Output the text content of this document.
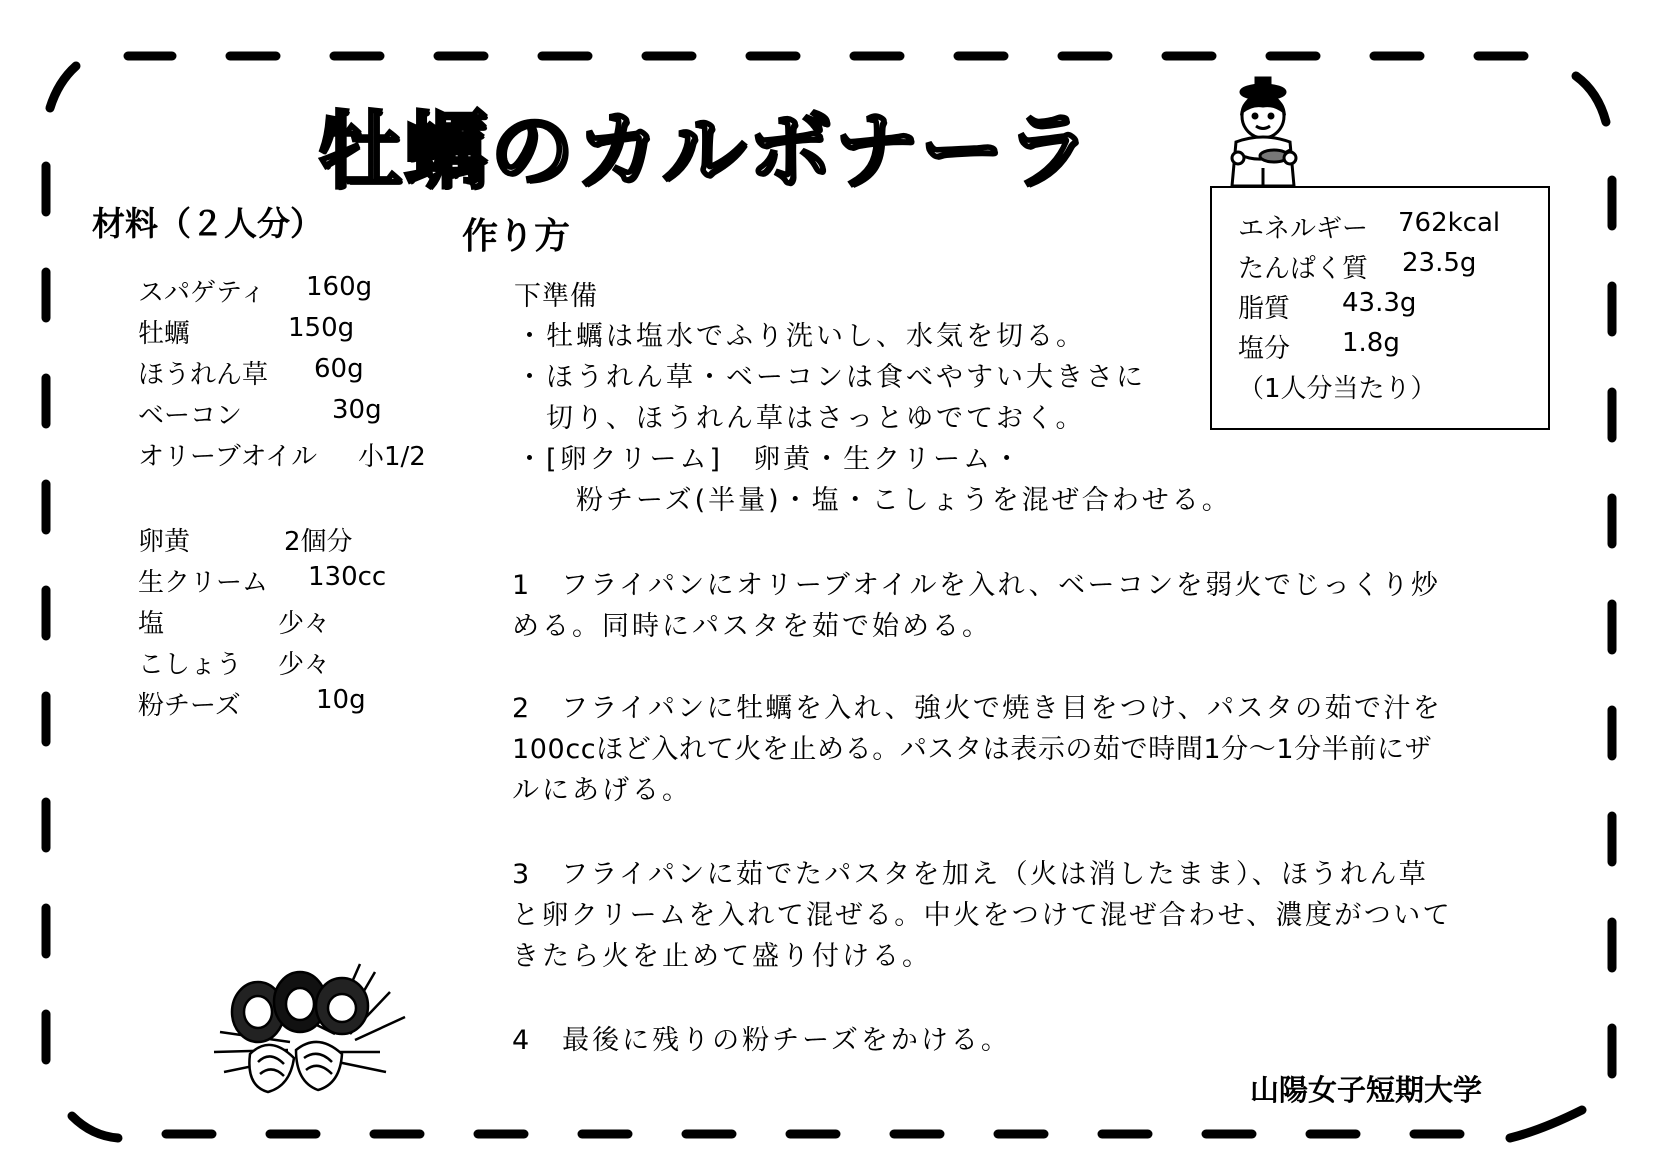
牡蠣のカルボナーラ
材料（２人分）
スパゲティ 160g
牡蠣	150g
ほうれん草 60g
ベーコン	30g
オリーブオイル 小1/2
卵黄	2個分
生クリーム 130cc
塩	少々
こしょう 少々
粉チーズ	10g
作り方
下準備
・牡蠣は塩水でふり洗いし、水気を切る。
・ほうれん草・ベーコンは食べやすい大きさに
切り、ほうれん草はさっとゆでておく。
・[卵クリーム]　卵黄・生クリーム・
粉チーズ(半量)・塩・こしょうを混ぜ合わせる。
1　フライパンにオリーブオイルを入れ、ベーコンを弱火でじっくり炒
める。同時にパスタを茹で始める。
2　フライパンに牡蠣を入れ、強火で焼き目をつけ、パスタの茹で汁を
100ccほど入れて火を止める。パスタは表示の茹で時間1分～1分半前にザ
ルにあげる。
3　フライパンに茹でたパスタを加え（火は消したまま）、ほうれん草
と卵クリームを入れて混ぜる。中火をつけて混ぜ合わせ、濃度がついて
きたら火を止めて盛り付ける。
4　最後に残りの粉チーズをかける。
エネルギー 762kcal
たんぱく質 23.5g
脂質 43.3g
塩分 1.8g
（1人分当たり）
山陽女子短期大学
